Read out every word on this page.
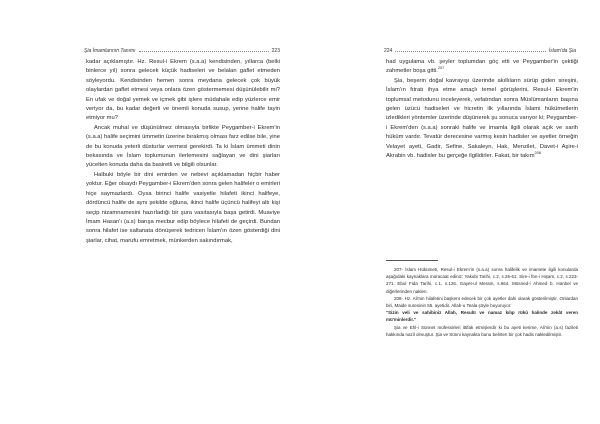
Şia İmamlarının Tanımı	223

kadar açıklamıştır. Hz. Resul-i Ekrem (s.a.a) kendisinden, yıllarca (belki binlerce yıl) sonra gelecek küçük hadiseleri ve belalan gaflet etmeden söyleyordu. Kendisinden hemen sonra meydana gelecek çok büyük olaylardan gaflet etmesi veya onlara özen göstermemesi düşünülebilir mi? En ufak ve doğal yemek ve içmek gibi işlere müdahale edip yüzlerce emir veriyor da, bu kadar değerli ve önemli konuda susup, yerine halife tayin etmiyor mu?

Ancak muhal ve düşünülmez olmasıyla birlikte Peygamber-i Ekrem'in (s.a.a) halife seçimini ümmetin üzerine bırakmış olması farz edilse bile, yine de bu konuda yeterli düsturlar vermesi gerekirdi. Ta ki İslam ümmeti dinin bekasında ve İslam toplumunun ilerlemesini sağlayan ve dini şiarları yücelten konuda daha da basiretli ve bilgili olsunlar.

Halbuki böyle bir dini emirden ve nebevi açıklamadan hiçbir haber yoktur. Eğer olsaydı Peygamber-i Ekrem'den sonra gelen halifeler o emirleri hiçe saymazlardı. Oysa birinci halife vasiyetle hilafeti ikinci halifeye, dördüncü halife de aynı şekilde oğluna, ikinci halife üçüncü halifeyi altı kişi seçip nizamnamesini hazırladığı bir şura vasıtasıyla başa getirdi. Muaviye İmam Hasan'ı (a.s) barışa mecbur edip böylece hilafeti de geçirdi. Bundan sonra hilafet ise saltanata dönüşerek tedricen İslam'ın özen gösterdiği dini şiarlar, cihat, marufu emretmek, münkerden sakındırmak,

224	İslam'da Şia

had uygulama vb. şeyler toplumdan göç etti ve Peygamber'in çektiği zahmetler boşa gitti.$^{207}$

Şia, beşerin doğal kavrayışı üzerinde akıllıların sürüp giden sireşini, İslam'ın fıtratı ihya etme amaçlı temel görüşlerini, Resul-i Ekrem'in toplumsal metodunu inceleyerek, vefatından sonra Müslümanların başına gelen üzücü hadiseleri ve hicretin ilk yıllarında İslami hükümetlerin izledikleri yöntemler üzerinde düşünerek şu sonuca varıyor ki; Peygamber-i Ekrem'den (s.a.a) sonraki halife ve imamla ilgili olarak açık ve sarih hüküm vardır. Tevatür derecesine varmış kesin hadisler ve ayetler örneğin Velayet ayeti, Gadir, Sefine, Sakaleyn, Hak, Menzilet, Davet-i Aşire-i Akrabin vb. hadisler bu gerçeğe ilgilidirler. Fakat, bir takım$^{208}$

207- İslam Hükümeti, Resul-i Ekrem'in (s.a.a) sonra halifelik ve imamete ilgili konularda aşağıdaki kaynaklara müracaat ediniz: Yakubi Tarihi, c.2, s.26-61. Sire-i İbn-i Hişam, c.2, s.223-271. Ebul Fida Tarihi, c.1, s.126. Gayet-ul Meram, s.664. Müsned-i Ahmed b. Hanbel ve diğerlerinden naklen.

208- Hz. Ali'nin hilafetini başkent edecek bir çok ayetler dahi olarak gösterilmiştir. Onlardan biri, Maide suresinin 55. ayetidir. Allah-u Teala şöyle buyuruyor:

"Sizin veli ve sahibiniz Allah, Resulü ve namaz kılıp rükû halinde zekât veren mü'minlerdir."

Şia ve Ehl-i Sünnet müfessirleri ittifak etmişlerdir ki bu ayeti kerime, Ali'nin (a.s) fazileti hakkında nazil olmuştur. Şia ve Sünni kaynakta bunu belirten bir çok hadis nakledilmiştir.
